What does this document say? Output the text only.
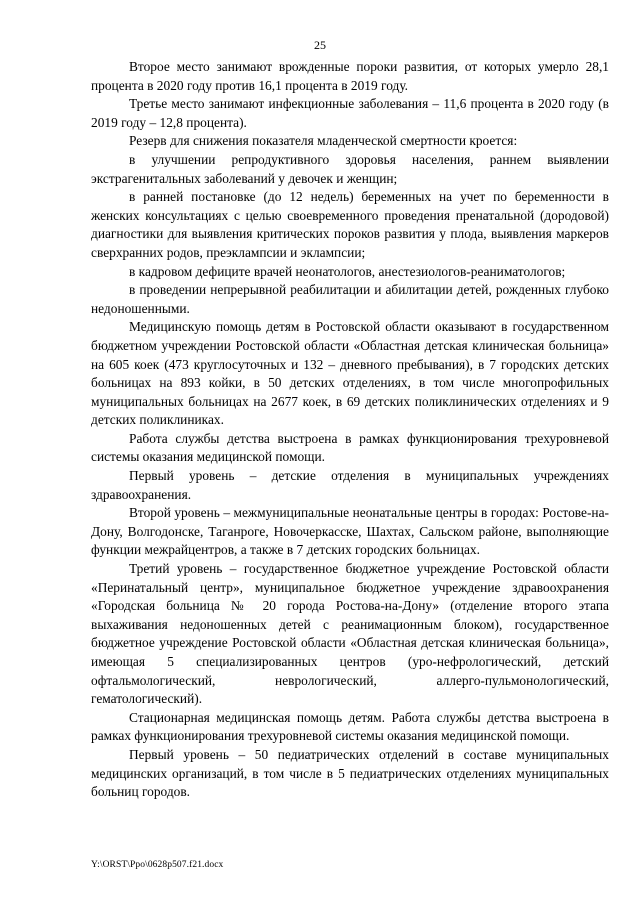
25

Второе место занимают врожденные пороки развития, от которых умерло 28,1 процента в 2020 году против 16,1 процента в 2019 году.

Третье место занимают инфекционные заболевания – 11,6 процента в 2020 году (в 2019 году – 12,8 процента).

Резерв для снижения показателя младенческой смертности кроется:

в улучшении репродуктивного здоровья населения, раннем выявлении экстрагенитальных заболеваний у девочек и женщин;

в ранней постановке (до 12 недель) беременных на учет по беременности в женских консультациях с целью своевременного проведения пренатальной (дородовой) диагностики для выявления критических пороков развития у плода, выявления маркеров сверхранних родов, преэклампсии и эклампсии;

в кадровом дефиците врачей неонатологов, анестезиологов-реаниматологов;

в проведении непрерывной реабилитации и абилитации детей, рожденных глубоко недоношенными.

Медицинскую помощь детям в Ростовской области оказывают в государственном бюджетном учреждении Ростовской области «Областная детская клиническая больница» на 605 коек (473 круглосуточных и 132 – дневного пребывания), в 7 городских детских больницах на 893 койки, в 50 детских отделениях, в том числе многопрофильных муниципальных больницах на 2677 коек, в 69 детских поликлинических отделениях и 9 детских поликлиниках.

Работа службы детства выстроена в рамках функционирования трехуровневой системы оказания медицинской помощи.

Первый уровень – детские отделения в муниципальных учреждениях здравоохранения.

Второй уровень – межмуниципальные неонатальные центры в городах: Ростове-на-Дону, Волгодонске, Таганроге, Новочеркасске, Шахтах, Сальском районе, выполняющие функции межрайцентров, а также в 7 детских городских больницах.

Третий уровень – государственное бюджетное учреждение Ростовской области «Перинатальный центр», муниципальное бюджетное учреждение здравоохранения «Городская больница № 20 города Ростова-на-Дону» (отделение второго этапа выхаживания недоношенных детей с реанимационным блоком), государственное бюджетное учреждение Ростовской области «Областная детская клиническая больница», имеющая 5 специализированных центров (уро-нефрологический, детский офтальмологический, неврологический, аллерго-пульмонологический, гематологический).

Стационарная медицинская помощь детям. Работа службы детства выстроена в рамках функционирования трехуровневой системы оказания медицинской помощи.

Первый уровень – 50 педиатрических отделений в составе муниципальных медицинских организаций, в том числе в 5 педиатрических отделениях муниципальных больниц городов.

Y:\ORST\Ppo\0628p507.f21.docx
